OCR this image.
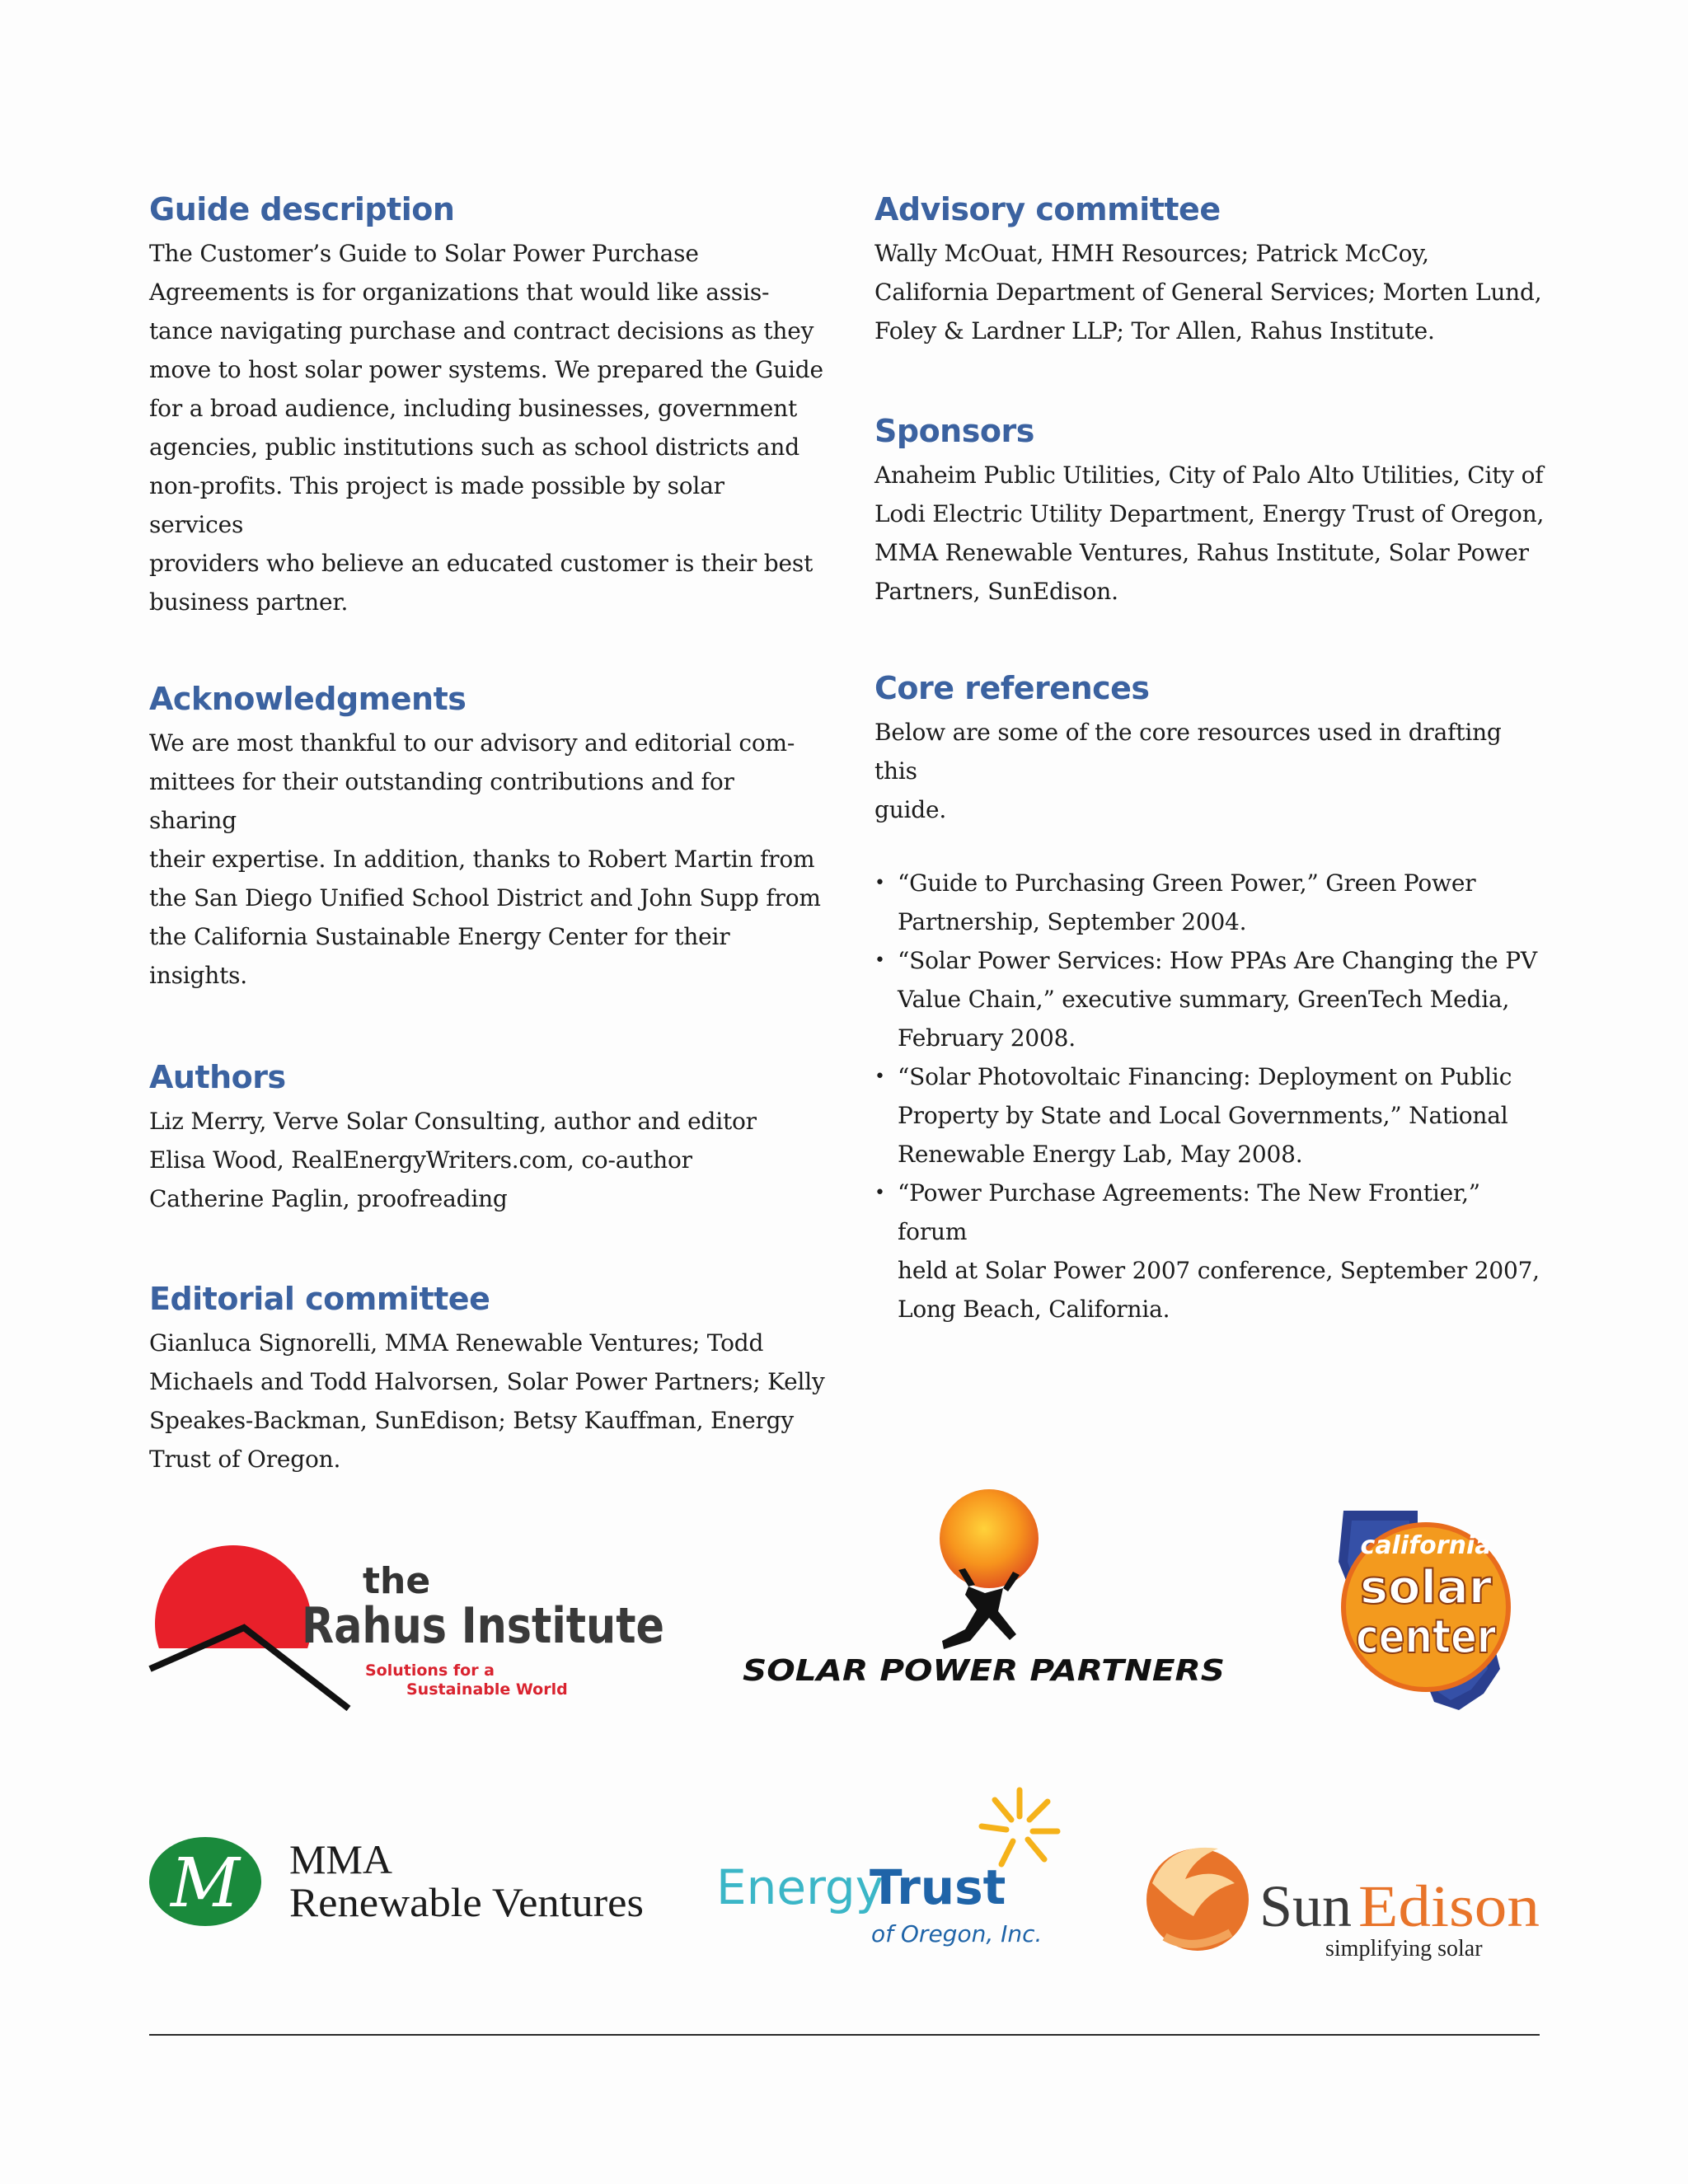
Guide description

The Customer’s Guide to Solar Power Purchase
Agreements is for organizations that would like assis-
tance navigating purchase and contract decisions as they
move to host solar power systems. We prepared the Guide
for a broad audience, including businesses, government
agencies, public institutions such as school districts and
non-profits. This project is made possible by solar services
providers who believe an educated customer is their best
business partner.

Acknowledgments

We are most thankful to our advisory and editorial com-
mittees for their outstanding contributions and for sharing
their expertise. In addition, thanks to Robert Martin from
the San Diego Unified School District and John Supp from
the California Sustainable Energy Center for their insights.

Authors

Liz Merry, Verve Solar Consulting, author and editor
Elisa Wood, RealEnergyWriters.com, co-author
Catherine Paglin, proofreading

Editorial committee

Gianluca Signorelli, MMA Renewable Ventures; Todd
Michaels and Todd Halvorsen, Solar Power Partners; Kelly
Speakes-Backman, SunEdison; Betsy Kauffman, Energy
Trust of Oregon.

Advisory committee

Wally McOuat, HMH Resources; Patrick McCoy,
California Department of General Services; Morten Lund,
Foley & Lardner LLP; Tor Allen, Rahus Institute.

Sponsors

Anaheim Public Utilities, City of Palo Alto Utilities, City of
Lodi Electric Utility Department, Energy Trust of Oregon,
MMA Renewable Ventures, Rahus Institute, Solar Power
Partners, SunEdison.

Core references

Below are some of the core resources used in drafting this
guide.

• “Guide to Purchasing Green Power,” Green Power
Partnership, September 2004.
• “Solar Power Services: How PPAs Are Changing the PV
Value Chain,” executive summary, GreenTech Media,
February 2008.
• “Solar Photovoltaic Financing: Deployment on Public
Property by State and Local Governments,” National
Renewable Energy Lab, May 2008.
• “Power Purchase Agreements: The New Frontier,” forum
held at Solar Power 2007 conference, September 2007,
Long Beach, California.
the
Rahus Institute
Solutions for a
Sustainable World
SOLAR POWER PARTNERS
california
solar
center
M MMA
Renewable Ventures Energy
Trust
of Oregon, Inc.	Sun Edison
simplifying solar
